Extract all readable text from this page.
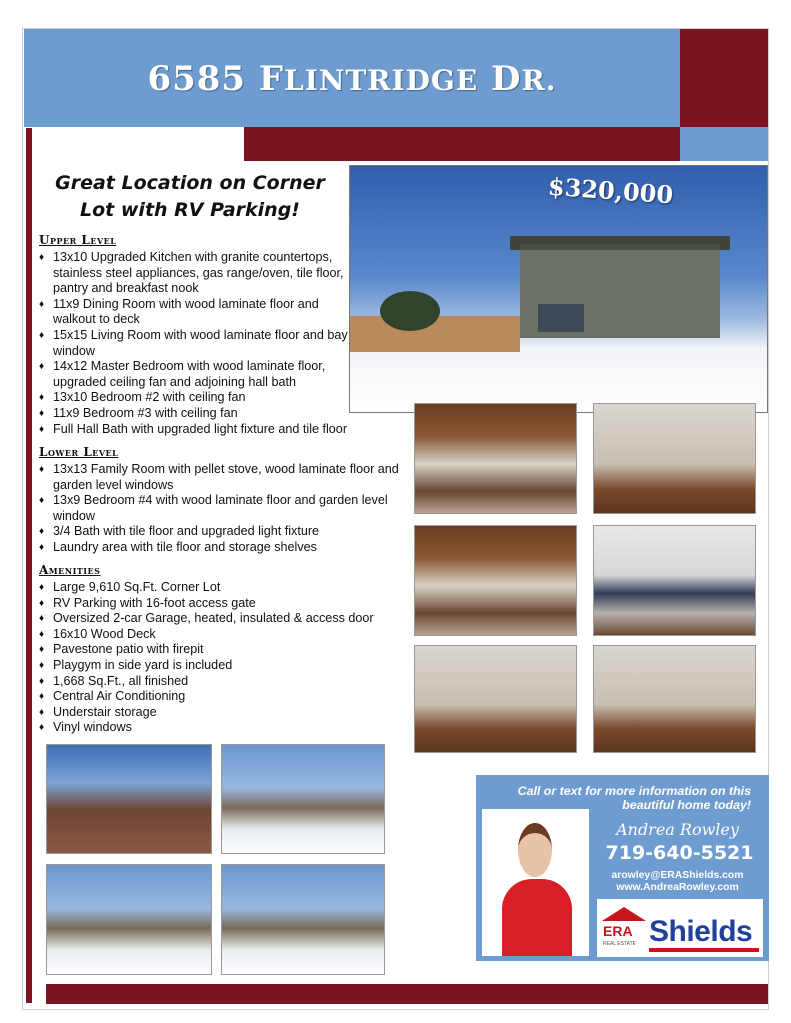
6585 FLINTRIDGE DR.
Great Location on Corner Lot with RV Parking!
Upper Level
♦ 13x10 Upgraded Kitchen with granite countertops, stainless steel appliances, gas range/oven, tile floor, pantry and breakfast nook
♦ 11x9 Dining Room with wood laminate floor and walkout to deck
♦ 15x15 Living Room with wood laminate floor and bay window
♦ 14x12 Master Bedroom with wood laminate floor, upgraded ceiling fan and adjoining hall bath
♦ 13x10 Bedroom #2 with ceiling fan
♦ 11x9 Bedroom #3 with ceiling fan
♦ Full Hall Bath with upgraded light fixture and tile floor
Lower Level
♦ 13x13 Family Room with pellet stove, wood laminate floor and garden level windows
♦ 13x9 Bedroom #4 with wood laminate floor and garden level window
♦ 3/4 Bath with tile floor and upgraded light fixture
♦ Laundry area with tile floor and storage shelves
Amenities
♦ Large 9,610 Sq.Ft. Corner Lot
♦ RV Parking with 16-foot access gate
♦ Oversized 2-car Garage, heated, insulated & access door
♦ 16x10 Wood Deck
♦ Pavestone patio with firepit
♦ Playgym in side yard is included
♦ 1,668 Sq.Ft., all finished
♦ Central Air Conditioning
♦ Understair storage
♦ Vinyl windows
$320,000
Call or text for more information on this beautiful home today!
Andrea Rowley
719-640-5521
arowley@ERAShields.com
www.AndreaRowley.com
ERA
REAL ESTATE Shields
